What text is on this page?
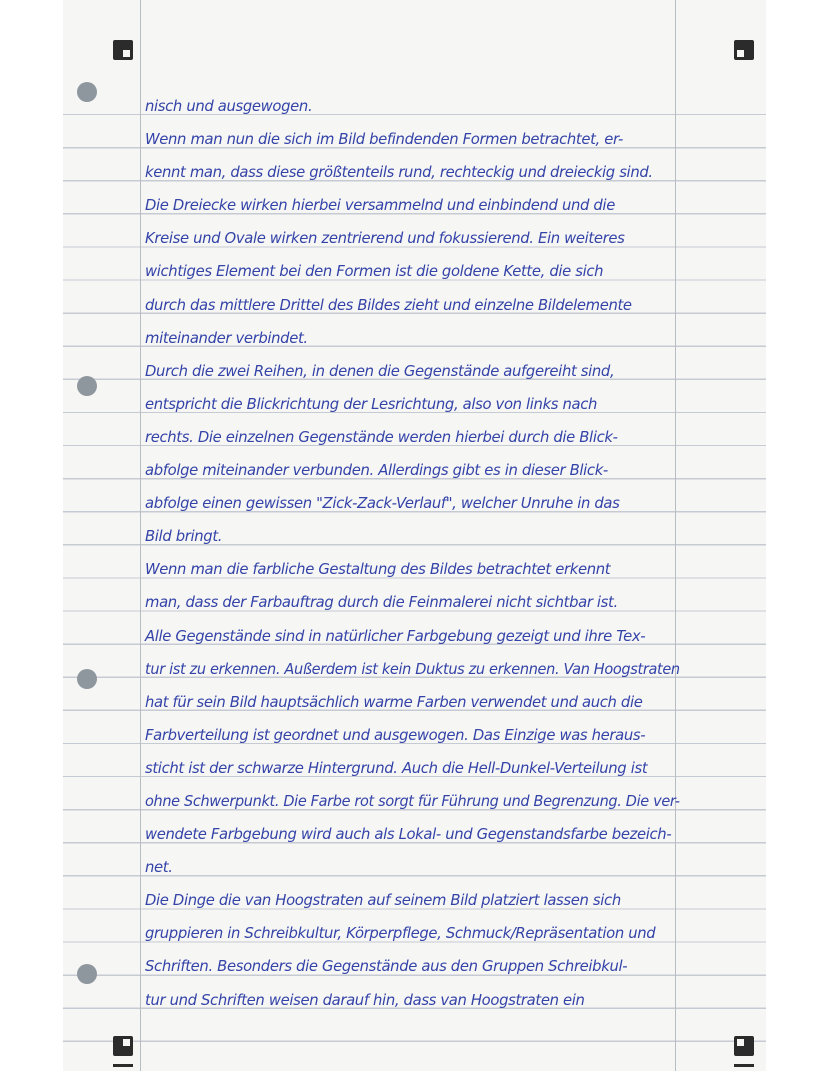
nisch und ausgewogen.
Wenn man nun die sich im Bild befindenden Formen betrachtet, er-
kennt man, dass diese größtenteils rund, rechteckig und dreieckig sind.
Die Dreiecke wirken hierbei versammelnd und einbindend und die
Kreise und Ovale wirken zentrierend und fokussierend. Ein weiteres
wichtiges Element bei den Formen ist die goldene Kette, die sich
durch das mittlere Drittel des Bildes zieht und einzelne Bildelemente
miteinander verbindet.
Durch die zwei Reihen, in denen die Gegenstände aufgereiht sind,
entspricht die Blickrichtung der Lesrichtung, also von links nach
rechts. Die einzelnen Gegenstände werden hierbei durch die Blick-
abfolge miteinander verbunden. Allerdings gibt es in dieser Blick-
abfolge einen gewissen "Zick-Zack-Verlauf", welcher Unruhe in das
Bild bringt.
Wenn man die farbliche Gestaltung des Bildes betrachtet erkennt
man, dass der Farbauftrag durch die Feinmalerei nicht sichtbar ist.
Alle Gegenstände sind in natürlicher Farbgebung gezeigt und ihre Tex-
tur ist zu erkennen. Außerdem ist kein Duktus zu erkennen. Van Hoogstraten
hat für sein Bild hauptsächlich warme Farben verwendet und auch die
Farbverteilung ist geordnet und ausgewogen. Das Einzige was heraus-
sticht ist der schwarze Hintergrund. Auch die Hell-Dunkel-Verteilung ist
ohne Schwerpunkt. Die Farbe rot sorgt für Führung und Begrenzung. Die ver-
wendete Farbgebung wird auch als Lokal- und Gegenstandsfarbe bezeich-
net.
Die Dinge die van Hoogstraten auf seinem Bild platziert lassen sich
gruppieren in Schreibkultur, Körperpflege, Schmuck/Repräsentation und
Schriften. Besonders die Gegenstände aus den Gruppen Schreibkul-
tur und Schriften weisen darauf hin, dass van Hoogstraten ein
